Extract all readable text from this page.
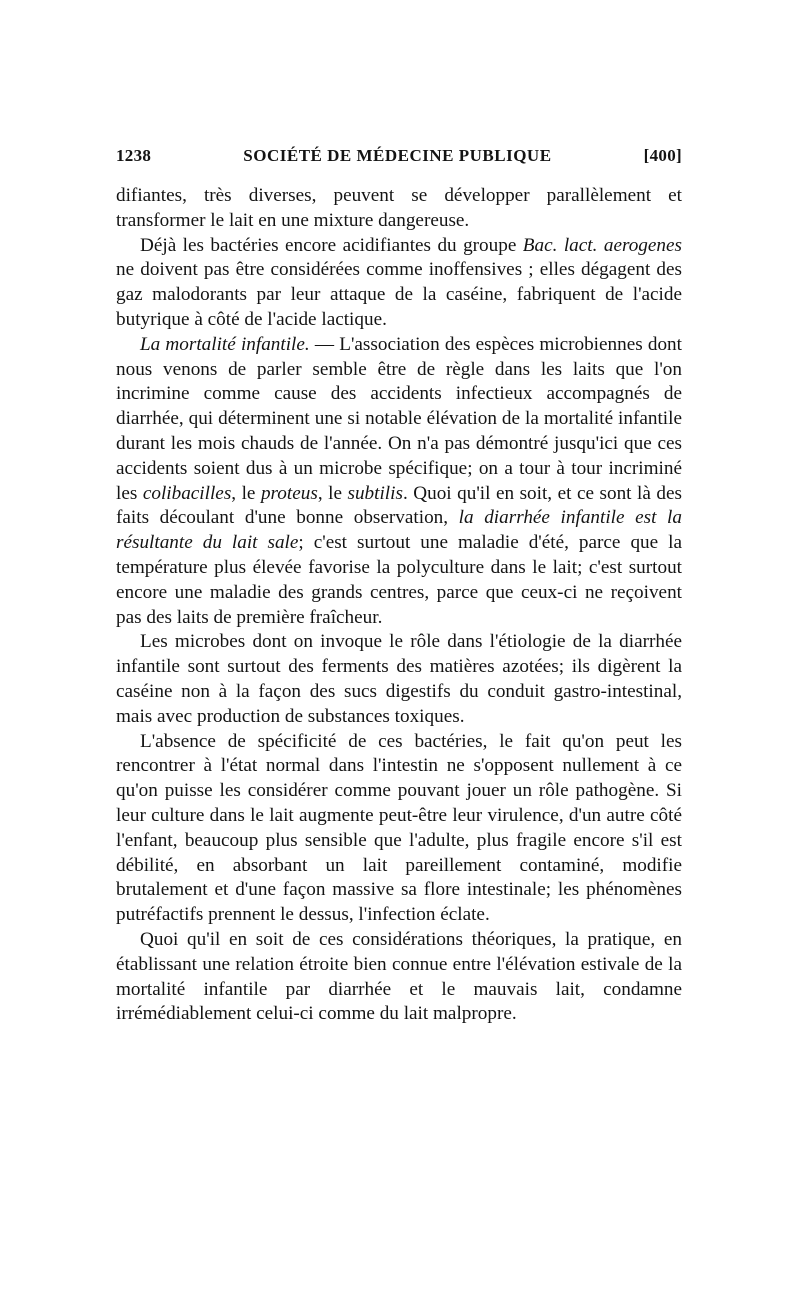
1238	SOCIÉTÉ DE MÉDECINE PUBLIQUE	[400]

difiantes, très diverses, peuvent se développer parallèlement et transformer le lait en une mixture dangereuse.

Déjà les bactéries encore acidifiantes du groupe Bac. lact. aerogenes ne doivent pas être considérées comme inoffensives ; elles dégagent des gaz malodorants par leur attaque de la caséine, fabriquent de l'acide butyrique à côté de l'acide lactique.

La mortalité infantile. — L'association des espèces microbiennes dont nous venons de parler semble être de règle dans les laits que l'on incrimine comme cause des accidents infectieux accompagnés de diarrhée, qui déterminent une si notable élévation de la mortalité infantile durant les mois chauds de l'année. On n'a pas démontré jusqu'ici que ces accidents soient dus à un microbe spécifique; on a tour à tour incriminé les colibacilles, le proteus, le subtilis. Quoi qu'il en soit, et ce sont là des faits découlant d'une bonne observation, la diarrhée infantile est la résultante du lait sale; c'est surtout une maladie d'été, parce que la température plus élevée favorise la polyculture dans le lait; c'est surtout encore une maladie des grands centres, parce que ceux-ci ne reçoivent pas des laits de première fraîcheur.

Les microbes dont on invoque le rôle dans l'étiologie de la diarrhée infantile sont surtout des ferments des matières azotées; ils digèrent la caséine non à la façon des sucs digestifs du conduit gastro-intestinal, mais avec production de substances toxiques.

L'absence de spécificité de ces bactéries, le fait qu'on peut les rencontrer à l'état normal dans l'intestin ne s'opposent nullement à ce qu'on puisse les considérer comme pouvant jouer un rôle pathogène. Si leur culture dans le lait augmente peut-être leur virulence, d'un autre côté l'enfant, beaucoup plus sensible que l'adulte, plus fragile encore s'il est débilité, en absorbant un lait pareillement contaminé, modifie brutalement et d'une façon massive sa flore intestinale; les phénomènes putréfactifs prennent le dessus, l'infection éclate.

Quoi qu'il en soit de ces considérations théoriques, la pratique, en établissant une relation étroite bien connue entre l'élévation estivale de la mortalité infantile par diarrhée et le mauvais lait, condamne irrémédiablement celui-ci comme du lait malpropre.
